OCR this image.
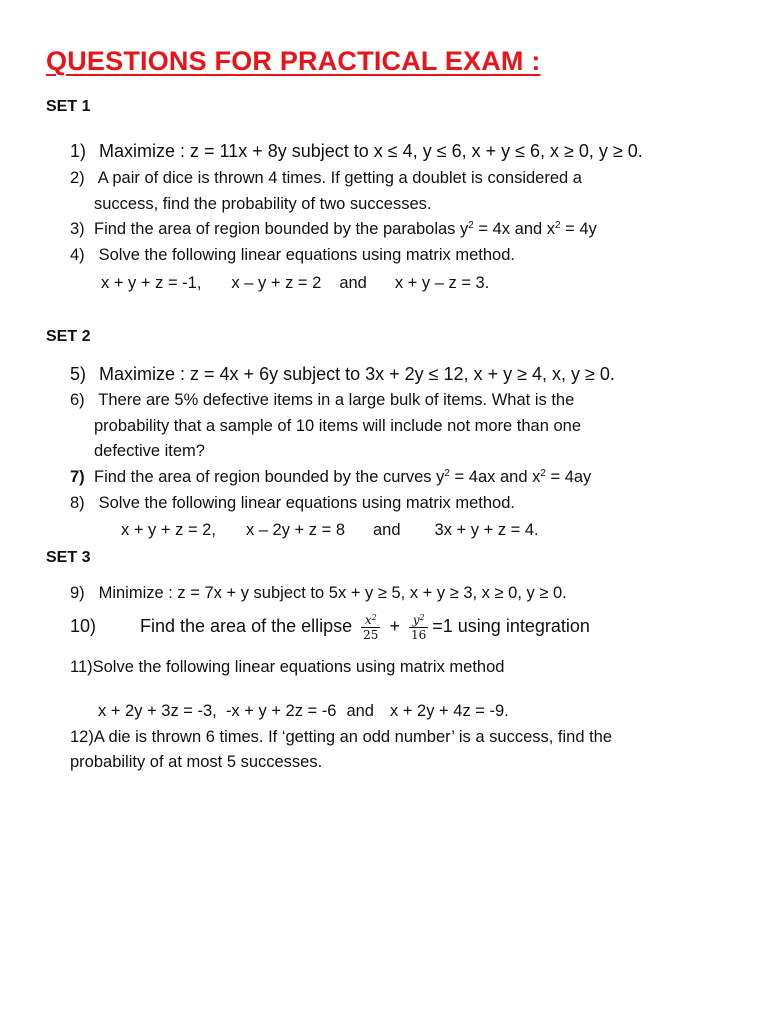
QUESTIONS FOR PRACTICAL EXAM :
SET 1
1) Maximize : z = 11x + 8y subject to x ≤ 4, y ≤ 6, x + y ≤ 6, x ≥ 0, y ≥ 0.
2) A pair of dice is thrown 4 times. If getting a doublet is considered a
success, find the probability of two successes.
3) Find the area of region bounded by the parabolas $y^2 = 4x$ and $x^2 = 4y$
4) Solve the following linear equations using matrix method.
x + y + z = -1, x – y + z = 2 and x + y – z = 3.
SET 2
5) Maximize : z = 4x + 6y subject to 3x + 2y ≤ 12, x + y ≥ 4, x, y ≥ 0.
6) There are 5% defective items in a large bulk of items. What is the
probability that a sample of 10 items will include not more than one
defective item?
7) Find the area of region bounded by the curves $y^2 = 4ax$ and $x^2 = 4ay$
8) Solve the following linear equations using matrix method.
x + y + z = 2, x – 2y + z = 8 and 3x + y + z = 4.
SET 3
9) Minimize : z = 7x + y subject to 5x + y ≥ 5, x + y ≥ 3, x ≥ 0, y ≥ 0.
10) Find the area of the ellipse $\frac{x^2}{25} + \frac{y^2}{16} =1$ using integration
11)Solve the following linear equations using matrix method
x + 2y + 3z = -3,  -x + y + 2z = -6 and x + 2y + 4z = -9.
12)A die is thrown 6 times. If ‘getting an odd number’ is a success, find the
probability of at most 5 successes.
